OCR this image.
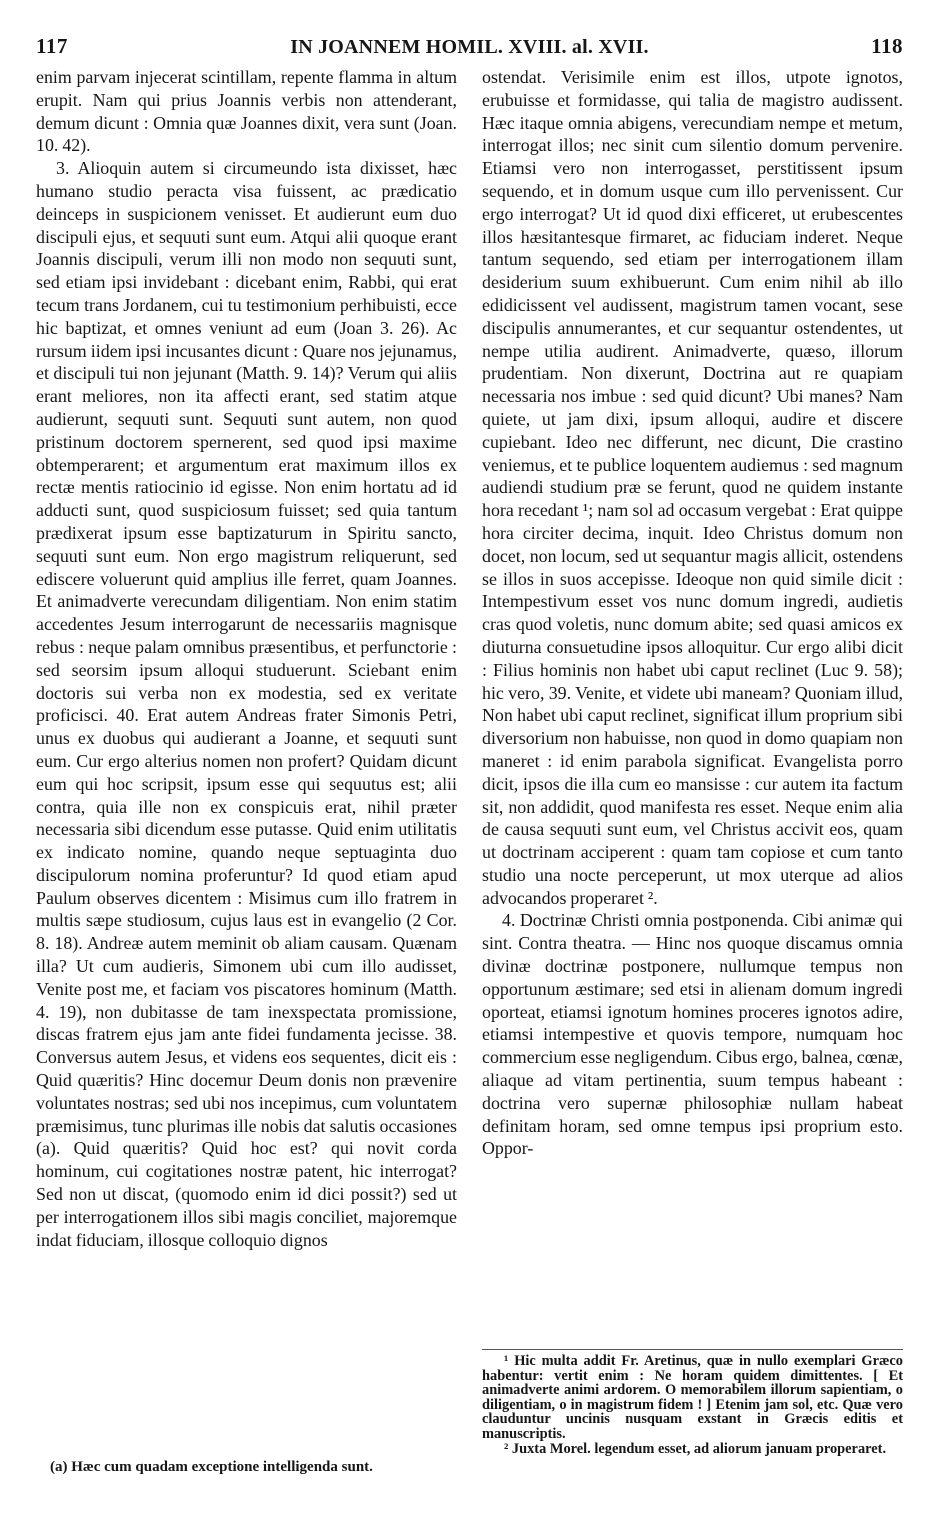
117	IN JOANNEM HOMIL. XVIII. al. XVII.	118

enim parvam injecerat scintillam, repente flamma in altum erupit. Nam qui prius Joannis verbis non attenderant, demum dicunt : Omnia quæ Joannes dixit, vera sunt (Joan. 10. 42).

3. Alioquin autem si circumeundo ista dixisset, hæc humano studio peracta visa fuissent, ac prædicatio deinceps in suspicionem venisset. Et audierunt eum duo discipuli ejus, et sequuti sunt eum. Atqui alii quoque erant Joannis discipuli, verum illi non modo non sequuti sunt, sed etiam ipsi invidebant : dicebant enim, Rabbi, qui erat tecum trans Jordanem, cui tu testimonium perhibuisti, ecce hic baptizat, et omnes veniunt ad eum (Joan 3. 26). Ac rursum iidem ipsi incusantes dicunt : Quare nos jejunamus, et discipuli tui non jejunant (Matth. 9. 14)? Verum qui aliis erant meliores, non ita affecti erant, sed statim atque audierunt, sequuti sunt. Sequuti sunt autem, non quod pristinum doctorem spernerent, sed quod ipsi maxime obtemperarent; et argumentum erat maximum illos ex rectæ mentis ratiocinio id egisse. Non enim hortatu ad id adducti sunt, quod suspiciosum fuisset; sed quia tantum prædixerat ipsum esse baptizaturum in Spiritu sancto, sequuti sunt eum. Non ergo magistrum reliquerunt, sed ediscere voluerunt quid amplius ille ferret, quam Joannes. Et animadverte verecundam diligentiam. Non enim statim accedentes Jesum interrogarunt de necessariis magnisque rebus : neque palam omnibus præsentibus, et perfunctorie : sed seorsim ipsum alloqui studuerunt. Sciebant enim doctoris sui verba non ex modestia, sed ex veritate proficisci. 40. Erat autem Andreas frater Simonis Petri, unus ex duobus qui audierant a Joanne, et sequuti sunt eum. Cur ergo alterius nomen non profert? Quidam dicunt eum qui hoc scripsit, ipsum esse qui sequutus est; alii contra, quia ille non ex conspicuis erat, nihil præter necessaria sibi dicendum esse putasse. Quid enim utilitatis ex indicato nomine, quando neque septuaginta duo discipulorum nomina proferuntur? Id quod etiam apud Paulum observes dicentem : Misimus cum illo fratrem in multis sæpe studiosum, cujus laus est in evangelio (2 Cor. 8. 18). Andreæ autem meminit ob aliam causam. Quænam illa? Ut cum audieris, Simonem ubi cum illo audisset, Venite post me, et faciam vos piscatores hominum (Matth. 4. 19), non dubitasse de tam inexspectata promissione, discas fratrem ejus jam ante fidei fundamenta jecisse. 38. Conversus autem Jesus, et videns eos sequentes, dicit eis : Quid quæritis? Hinc docemur Deum donis non prævenire voluntates nostras; sed ubi nos incepimus, cum voluntatem præmisimus, tunc plurimas ille nobis dat salutis occasiones (a). Quid quæritis? Quid hoc est? qui novit corda hominum, cui cogitationes nostræ patent, hic interrogat? Sed non ut discat, (quomodo enim id dici possit?) sed ut per interrogationem illos sibi magis conciliet, majoremque indat fiduciam, illosque colloquio dignos

ostendat. Verisimile enim est illos, utpote ignotos, erubuisse et formidasse, qui talia de magistro audissent. Hæc itaque omnia abigens, verecundiam nempe et metum, interrogat illos; nec sinit cum silentio domum pervenire. Etiamsi vero non interrogasset, perstitissent ipsum sequendo, et in domum usque cum illo pervenissent. Cur ergo interrogat? Ut id quod dixi efficeret, ut erubescentes illos hæsitantesque firmaret, ac fiduciam inderet. Neque tantum sequendo, sed etiam per interrogationem illam desiderium suum exhibuerunt. Cum enim nihil ab illo edidicissent vel audissent, magistrum tamen vocant, sese discipulis annumerantes, et cur sequantur ostendentes, ut nempe utilia audirent. Animadverte, quæso, illorum prudentiam. Non dixerunt, Doctrina aut re quapiam necessaria nos imbue : sed quid dicunt? Ubi manes? Nam quiete, ut jam dixi, ipsum alloqui, audire et discere cupiebant. Ideo nec differunt, nec dicunt, Die crastino veniemus, et te publice loquentem audiemus : sed magnum audiendi studium præ se ferunt, quod ne quidem instante hora recedant ¹; nam sol ad occasum vergebat : Erat quippe hora circiter decima, inquit. Ideo Christus domum non docet, non locum, sed ut sequantur magis allicit, ostendens se illos in suos accepisse. Ideoque non quid simile dicit : Intempestivum esset vos nunc domum ingredi, audietis cras quod voletis, nunc domum abite; sed quasi amicos ex diuturna consuetudine ipsos alloquitur. Cur ergo alibi dicit : Filius hominis non habet ubi caput reclinet (Luc 9. 58); hic vero, 39. Venite, et videte ubi maneam? Quoniam illud, Non habet ubi caput reclinet, significat illum proprium sibi diversorium non habuisse, non quod in domo quapiam non maneret : id enim parabola significat. Evangelista porro dicit, ipsos die illa cum eo mansisse : cur autem ita factum sit, non addidit, quod manifesta res esset. Neque enim alia de causa sequuti sunt eum, vel Christus accivit eos, quam ut doctrinam acciperent : quam tam copiose et cum tanto studio una nocte perceperunt, ut mox uterque ad alios advocandos properaret ².

4. Doctrinæ Christi omnia postponenda. Cibi animæ qui sint. Contra theatra. — Hinc nos quoque discamus omnia divinæ doctrinæ postponere, nullumque tempus non opportunum æstimare; sed etsi in alienam domum ingredi oporteat, etiamsi ignotum homines proceres ignotos adire, etiamsi intempestive et quovis tempore, numquam hoc commercium esse negligendum. Cibus ergo, balnea, cœnæ, aliaque ad vitam pertinentia, suum tempus habeant : doctrina vero supernæ philosophiæ nullam habeat definitam horam, sed omne tempus ipsi proprium esto. Oppor-

¹ Hic multa addit Fr. Aretinus, quæ in nullo exemplari Græco habentur: vertit enim : Ne horam quidem dimittentes. [ Et animadverte animi ardorem. O memorabilem illorum sapientiam, o diligentiam, o in magistrum fidem ! ] Etenim jam sol, etc. Quæ vero clauduntur uncinis nusquam exstant in Græcis editis et manuscriptis.

² Juxta Morel. legendum esset, ad aliorum januam properaret.

(a) Hæc cum quadam exceptione intelligenda sunt.
